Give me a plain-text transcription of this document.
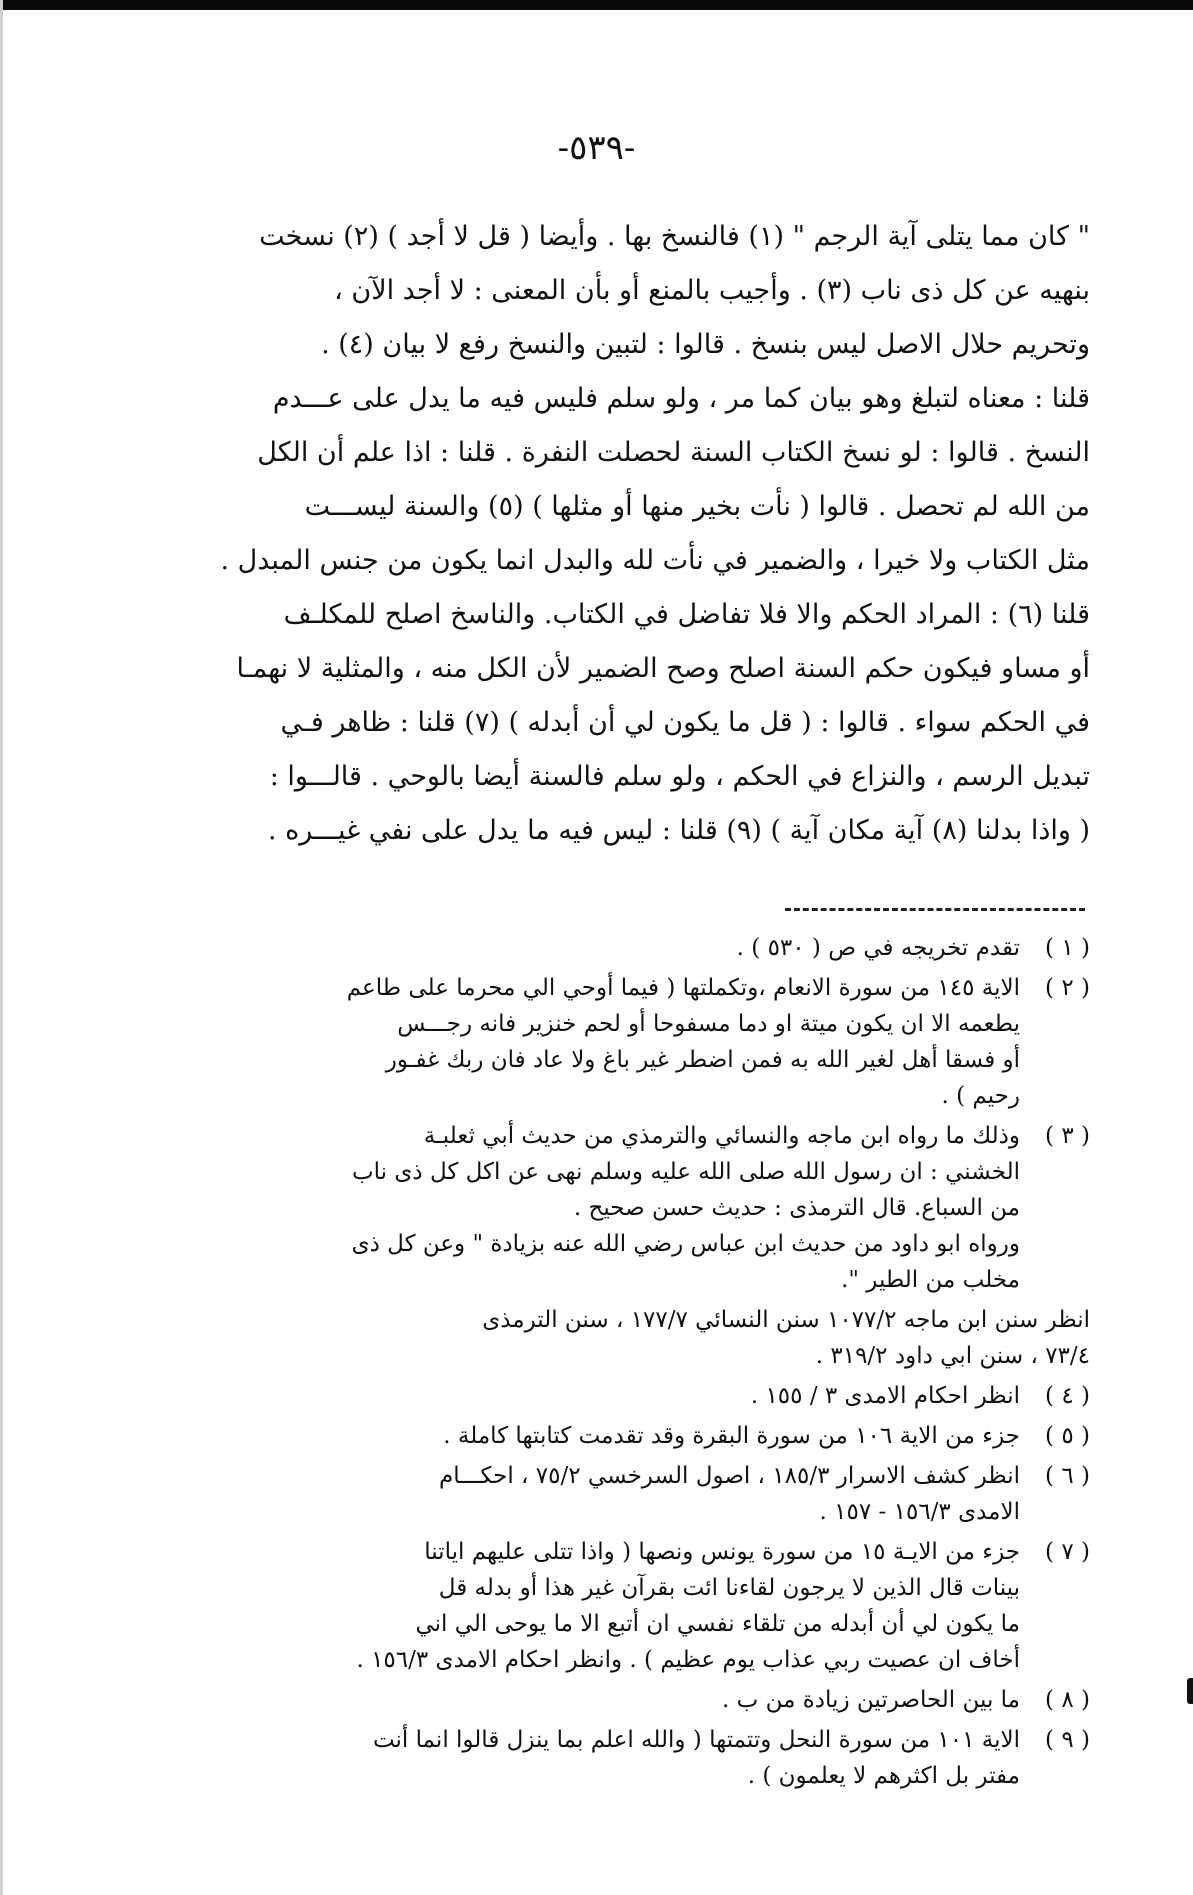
-٥٣٩-
" كان مما يتلى آية الرجم " (١) فالنسخ بها . وأيضا ( قل لا أجد ) (٢) نسخت
بنهيه عن كل ذى ناب (٣) . وأجيب بالمنع أو بأن المعنى : لا أجد الآن ،
وتحريم حلال الاصل ليس بنسخ . قالوا : لتبين والنسخ رفع لا بيان (٤) .
قلنا : معناه لتبلغ وهو بيان كما مر ، ولو سلم فليس فيه ما يدل على عـــدم
النسخ . قالوا : لو نسخ الكتاب السنة لحصلت النفرة . قلنا : اذا علم أن الكل
من الله لم تحصل . قالوا ( نأت بخير منها أو مثلها ) (٥) والسنة ليســـت
مثل الكتاب ولا خيرا ، والضمير في نأت لله والبدل انما يكون من جنس المبدل .
قلنا (٦) : المراد الحكم والا فلا تفاضل في الكتاب. والناسخ اصلح للمكلـف
أو مساو فيكون حكم السنة اصلح وصح الضمير لأن الكل منه ، والمثلية لا نهمـا
في الحكم سواء . قالوا : ( قل ما يكون لي أن أبدله ) (٧) قلنا : ظاهر فـي
تبديل الرسم ، والنزاع في الحكم ، ولو سلم فالسنة أيضا بالوحي . قالـــوا :
( واذا بدلنا (٨) آية مكان آية ) (٩) قلنا : ليس فيه ما يدل على نفي غيـــره .
( ١ )
تقدم تخريجه في ص ( ٥٣٠ ) .
( ٢ )
الاية ١٤٥ من سورة الانعام ،وتكملتها ( فيما أوحي الي محرما على طاعم
يطعمه الا ان يكون ميتة او دما مسفوحا أو لحم خنزير فانه رجـــس
أو فسقا أهل لغير الله به فمن اضطر غير باغ ولا عاد فان ربك غفـور
رحيم ) .
( ٣ )
وذلك ما رواه ابن ماجه والنسائي والترمذي من حديث أبي ثعلبـة
الخشني : ان رسول الله صلى الله عليه وسلم نهى عن اكل كل ذى ناب
من السباع. قال الترمذى : حديث حسن صحيح .
ورواه ابو داود من حديث ابن عباس رضي الله عنه بزيادة " وعن كل ذى
مخلب من الطير ".
انظر سنن ابن ماجه ١٠٧٧/٢ سنن النسائي ١٧٧/٧ ، سنن الترمذى
٧٣/٤ ، سنن ابي داود ٣١٩/٢ .
( ٤ )
انظر احكام الامدى ٣ / ١٥٥ .
( ٥ )
جزء من الاية ١٠٦ من سورة البقرة وقد تقدمت كتابتها كاملة .
( ٦ )
انظر كشف الاسرار ١٨٥/٣ ، اصول السرخسي ٧٥/٢ ، احكـــام
الامدى ١٥٦/٣ - ١٥٧ .
( ٧ )
جزء من الايـة ١٥ من سورة يونس ونصها ( واذا تتلى عليهم اياتنا
بينات قال الذين لا يرجون لقاءنا ائت بقرآن غير هذا أو بدله قل
ما يكون لي أن أبدله من تلقاء نفسي ان أتبع الا ما يوحى الي اني
أخاف ان عصيت ربي عذاب يوم عظيم ) . وانظر احكام الامدى ١٥٦/٣ .
( ٨ )
ما بين الحاصرتين زيادة من ب .
( ٩ )
الاية ١٠١ من سورة النحل وتتمتها ( والله اعلم بما ينزل قالوا انما أنت
مفتر بل اكثرهم لا يعلمون ) .
